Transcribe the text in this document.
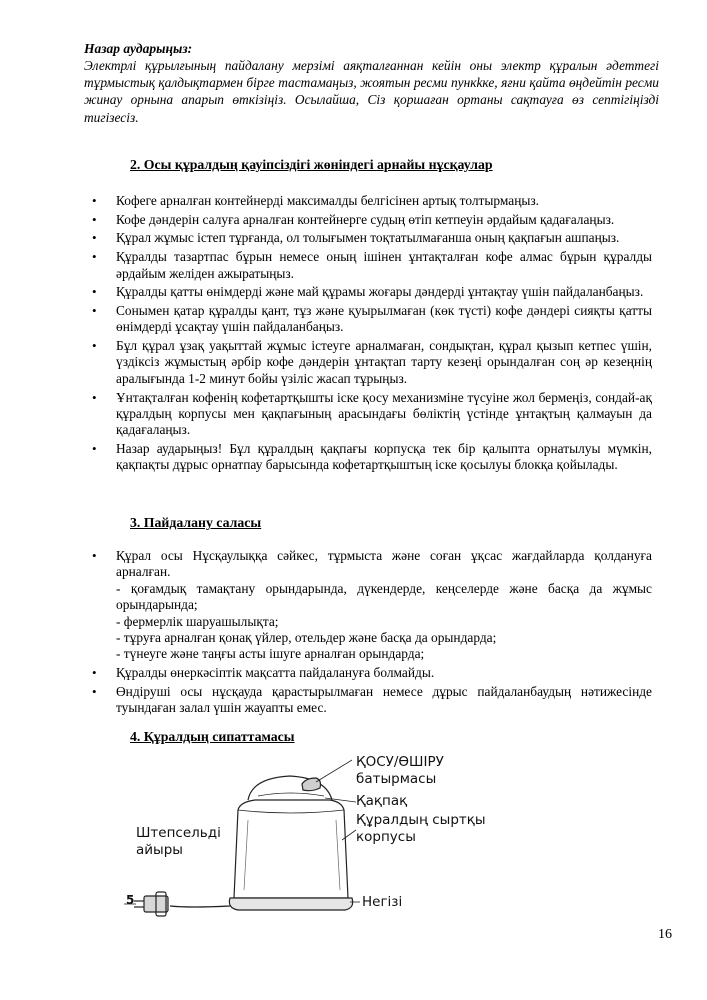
Назар аударыңыз:
Электрлі құрылғының пайдалану мерзімі аяқталғаннан кейін оны электр құралын әдеттегі тұрмыстық қалдықтармен бірге тастамаңыз, жоятын ресми пункkке, яғни қайта өңдейтін ресми жинау орнына апарып өткізіңіз. Осылайша, Сіз қоршаған ортаны сақтауға өз септігіңізді тигізесіз.
2. Осы құралдың қауіпсіздігі жөніндегі арнайы нұсқаулар
• Кофеге арналған контейнерді максималды белгісінен артық толтырмаңыз.
• Кофе дәндерін салуға арналған контейнерге судың өтіп кетпеуін әрдайым қадағалаңыз.
• Құрал жұмыс істеп тұрғанда, ол толығымен тоқтатылмағанша оның қақпағын ашпаңыз.
• Құралды тазартпас бұрын немесе оның ішінен ұнтақталған кофе алмас бұрын құралды әрдайым желіден ажыратыңыз.
• Құралды қатты өнімдерді және май құрамы жоғары дәндерді ұнтақтау үшін пайдаланбаңыз.
• Сонымен қатар құралды қант, тұз және қуырылмаған (көк түсті) кофе дәндері сияқты қатты өнімдерді ұсақтау үшін пайдаланбаңыз.
• Бұл құрал ұзақ уақыттай жұмыс істеуге арналмаған, сондықтан, құрал қызып кетпес үшін, үздіксіз жұмыстың әрбір кофе дәндерін ұнтақтап тарту кезеңі орындалған соң әр кезеңнің аралығында 1-2 минут бойы үзіліс жасап тұрыңыз.
• Ұнтақталған кофенің кофетартқышты іске қосу механизміне түсуіне жол бермеңіз, сондай-ақ құралдың корпусы мен қақпағының арасындағы бөліктің үстінде ұнтақтың қалмауын да қадағалаңыз.
• Назар аударыңыз! Бұл құралдың қақпағы корпусқа тек бір қалыпта орнатылуы мүмкін, қақпақты дұрыс орнатпау барысында кофетартқыштың іске қосылуы блокқа қойылады.
3. Пайдалану саласы
• Құрал осы Нұсқаулыққа сәйкес, тұрмыста және соған ұқсас жағдайларда қолдануға арналған.
- қоғамдық тамақтану орындарында, дүкендерде, кеңселерде және басқа да жұмыс орындарында;
- фермерлік шаруашылықта;
- тұруға арналған қонақ үйлер, отельдер және басқа да орындарда;
- түнеуге және таңғы асты ішуге арналған орындарда;
• Құралды өнеркәсіптік мақсатта пайдалануға болмайды.
• Өндіруші осы нұсқауда қарастырылмаған немесе дұрыс пайдаланбаудың нәтижесінде туындаған залал үшін жауапты емес.
4. Құралдың сипаттамасы
ҚОСУ/ӨШІРУ
батырмасы
Қақпақ
Құралдың сыртқы
корпусы
Штепсельді
айыры
Негізі
5
16
